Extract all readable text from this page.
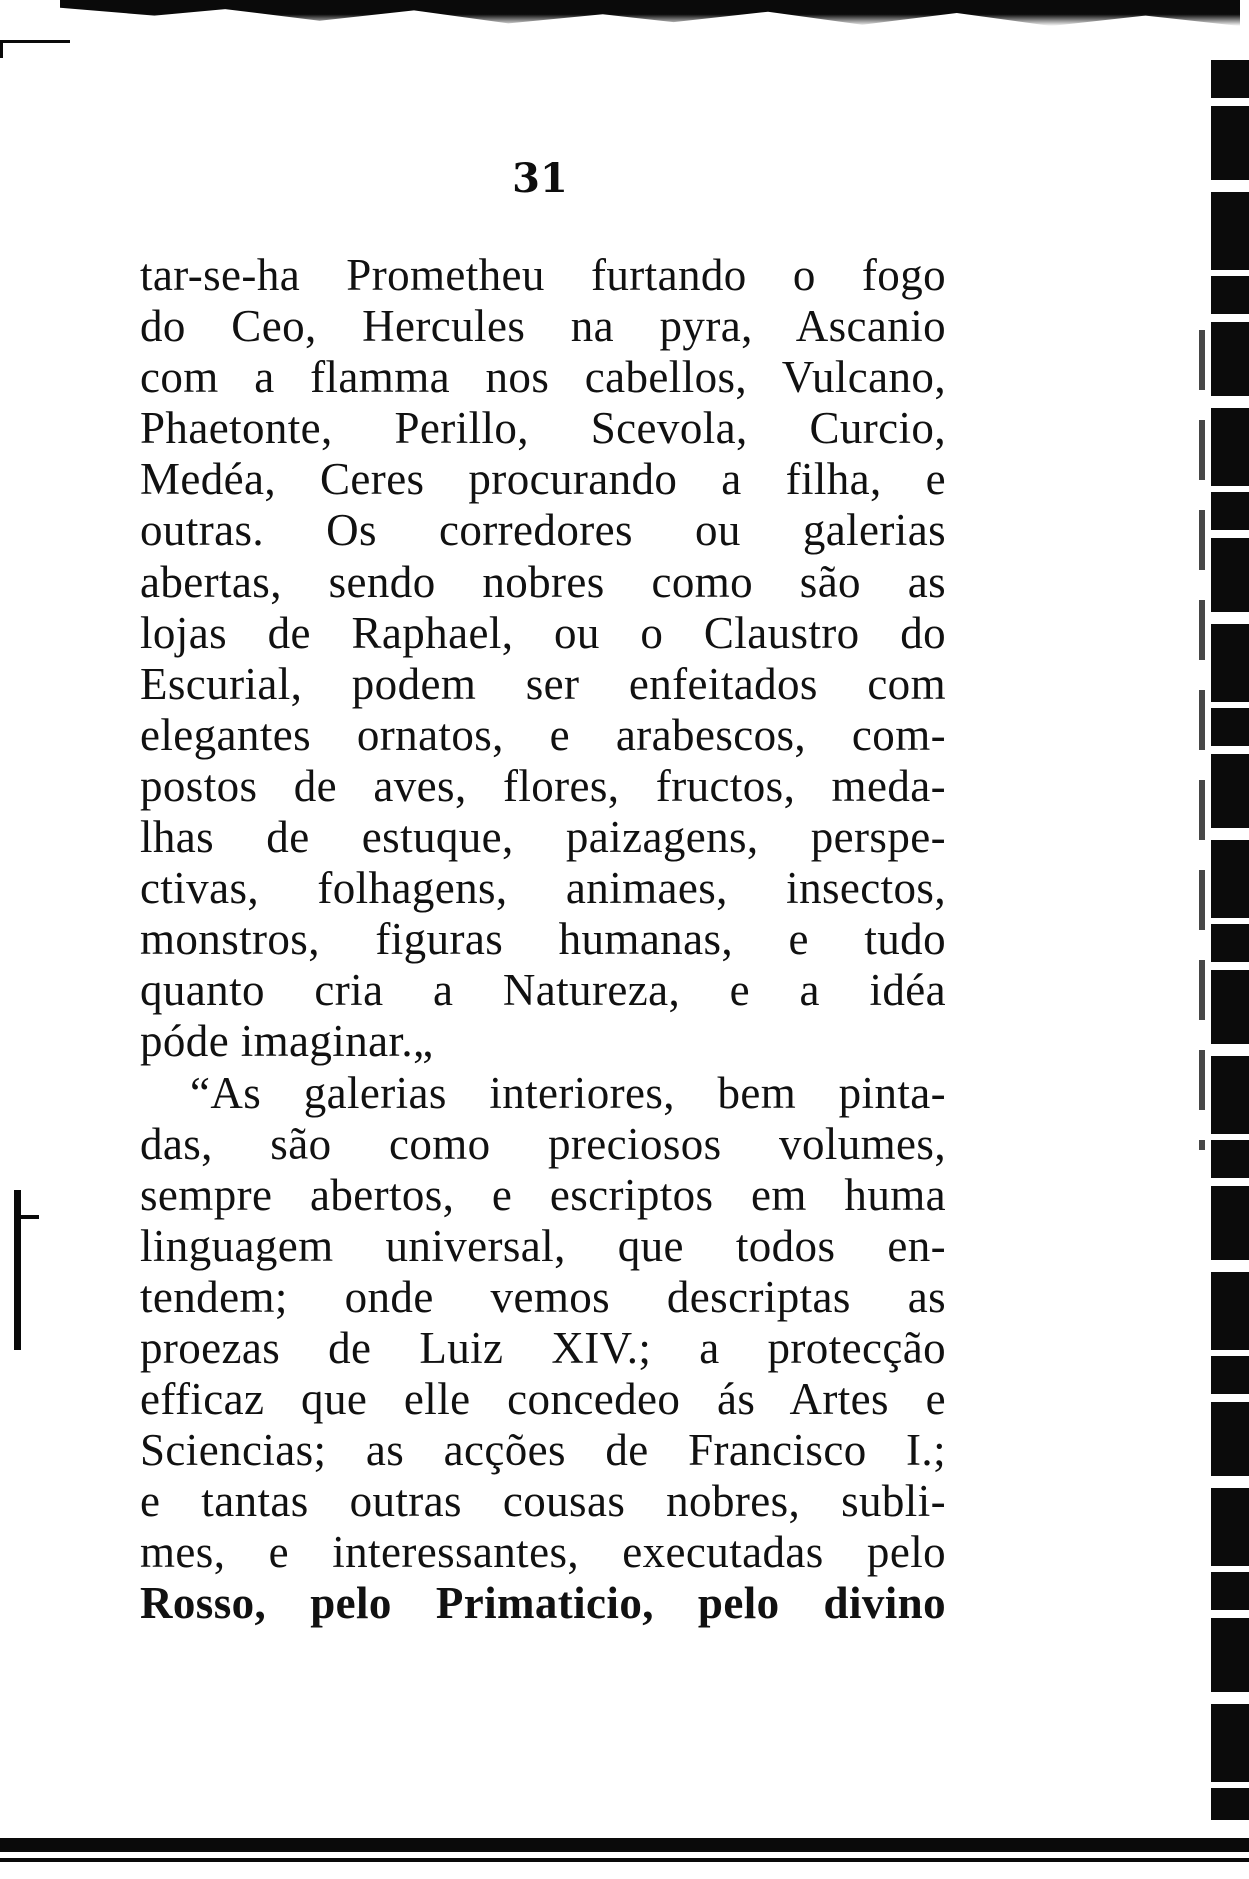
31
tar-se-ha Prometheu furtando o fogo
do Ceo, Hercules na pyra, Ascanio
com a flamma nos cabellos, Vulcano,
Phaetonte, Perillo, Scevola, Curcio,
Medéa, Ceres procurando a filha, e
outras. Os corredores ou galerias
abertas, sendo nobres como são as
lojas de Raphael, ou o Claustro do
Escurial, podem ser enfeitados com
elegantes ornatos, e arabescos, com-
postos de aves, flores, fructos, meda-
lhas de estuque, paizagens, perspe-
ctivas, folhagens, animaes, insectos,
monstros, figuras humanas, e tudo
quanto cria a Natureza, e a idéa
póde imaginar.„
“As galerias interiores, bem pinta-
das, são como preciosos volumes,
sempre abertos, e escriptos em huma
linguagem universal, que todos en-
tendem; onde vemos descriptas as
proezas de Luiz XIV.; a protecção
efficaz que elle concedeo ás Artes e
Sciencias; as acções de Francisco I.;
e tantas outras cousas nobres, subli-
mes, e interessantes, executadas pelo
Rosso, pelo Primaticio, pelo divino
